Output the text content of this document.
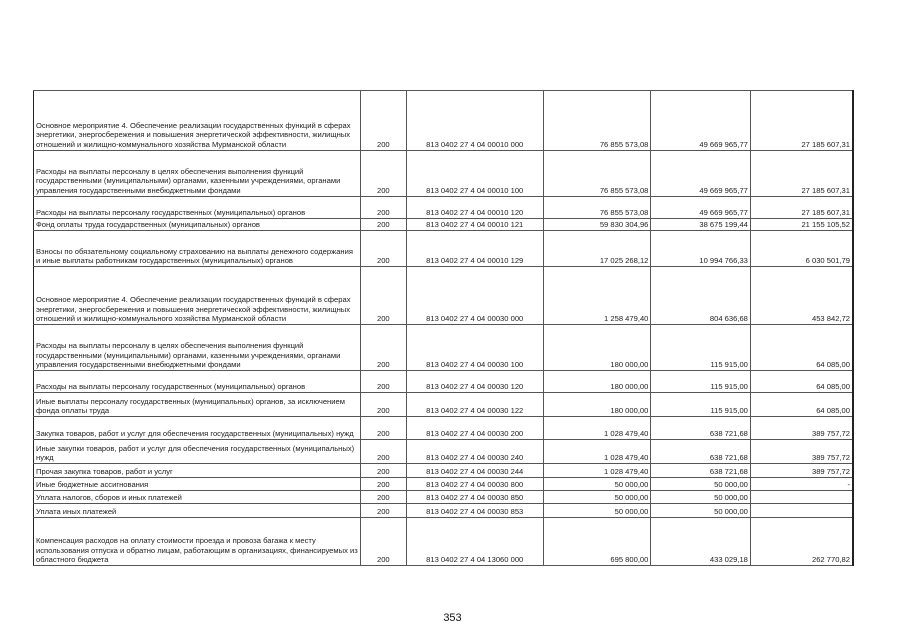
Основное мероприятие 4. Обеспечение реализации государственных функций в сферах энергетики, энергосбережения и повышения энергетической эффективности, жилищных отношений и жилищно-коммунального хозяйства Мурманской области	200	813 0402 27 4 04 00010 000	76 855 573,08	49 669 965,77	27 185 607,31
Расходы на выплаты персоналу в целях обеспечения выполнения функций государственными (муниципальными) органами, казенными учреждениями, органами управления государственными внебюджетными фондами	200	813 0402 27 4 04 00010 100	76 855 573,08	49 669 965,77	27 185 607,31
Расходы на выплаты персоналу государственных (муниципальных) органов	200	813 0402 27 4 04 00010 120	76 855 573,08	49 669 965,77	27 185 607,31
Фонд оплаты труда государственных (муниципальных) органов	200	813 0402 27 4 04 00010 121	59 830 304,96	38 675 199,44	21 155 105,52
Взносы по обязательному социальному страхованию на выплаты денежного содержания и иные выплаты работникам государственных (муниципальных) органов	200	813 0402 27 4 04 00010 129	17 025 268,12	10 994 766,33	6 030 501,79
Основное мероприятие 4. Обеспечение реализации государственных функций в сферах энергетики, энергосбережения и повышения энергетической эффективности, жилищных отношений и жилищно-коммунального хозяйства Мурманской области	200	813 0402 27 4 04 00030 000	1 258 479,40	804 636,68	453 842,72
Расходы на выплаты персоналу в целях обеспечения выполнения функций государственными (муниципальными) органами, казенными учреждениями, органами управления государственными внебюджетными фондами	200	813 0402 27 4 04 00030 100	180 000,00	115 915,00	64 085,00
Расходы на выплаты персоналу государственных (муниципальных) органов	200	813 0402 27 4 04 00030 120	180 000,00	115 915,00	64 085,00
Иные выплаты персоналу государственных (муниципальных) органов, за исключением фонда оплаты труда	200	813 0402 27 4 04 00030 122	180 000,00	115 915,00	64 085,00
Закупка товаров, работ и услуг для обеспечения государственных (муниципальных) нужд	200	813 0402 27 4 04 00030 200	1 028 479,40	638 721,68	389 757,72
Иные закупки товаров, работ и услуг для обеспечения государственных (муниципальных) нужд	200	813 0402 27 4 04 00030 240	1 028 479,40	638 721,68	389 757,72
Прочая закупка товаров, работ и услуг	200	813 0402 27 4 04 00030 244	1 028 479,40	638 721,68	389 757,72
Иные бюджетные ассигнования	200	813 0402 27 4 04 00030 800	50 000,00	50 000,00	-
Уплата налогов, сборов и иных платежей	200	813 0402 27 4 04 00030 850	50 000,00	50 000,00	
Уплата иных платежей	200	813 0402 27 4 04 00030 853	50 000,00	50 000,00	
Компенсация расходов на оплату стоимости проезда и провоза багажа к месту использования отпуска и обратно лицам, работающим в организациях, финансируемых из областного бюджета	200	813 0402 27 4 04 13060 000	695 800,00	433 029,18	262 770,82
353
